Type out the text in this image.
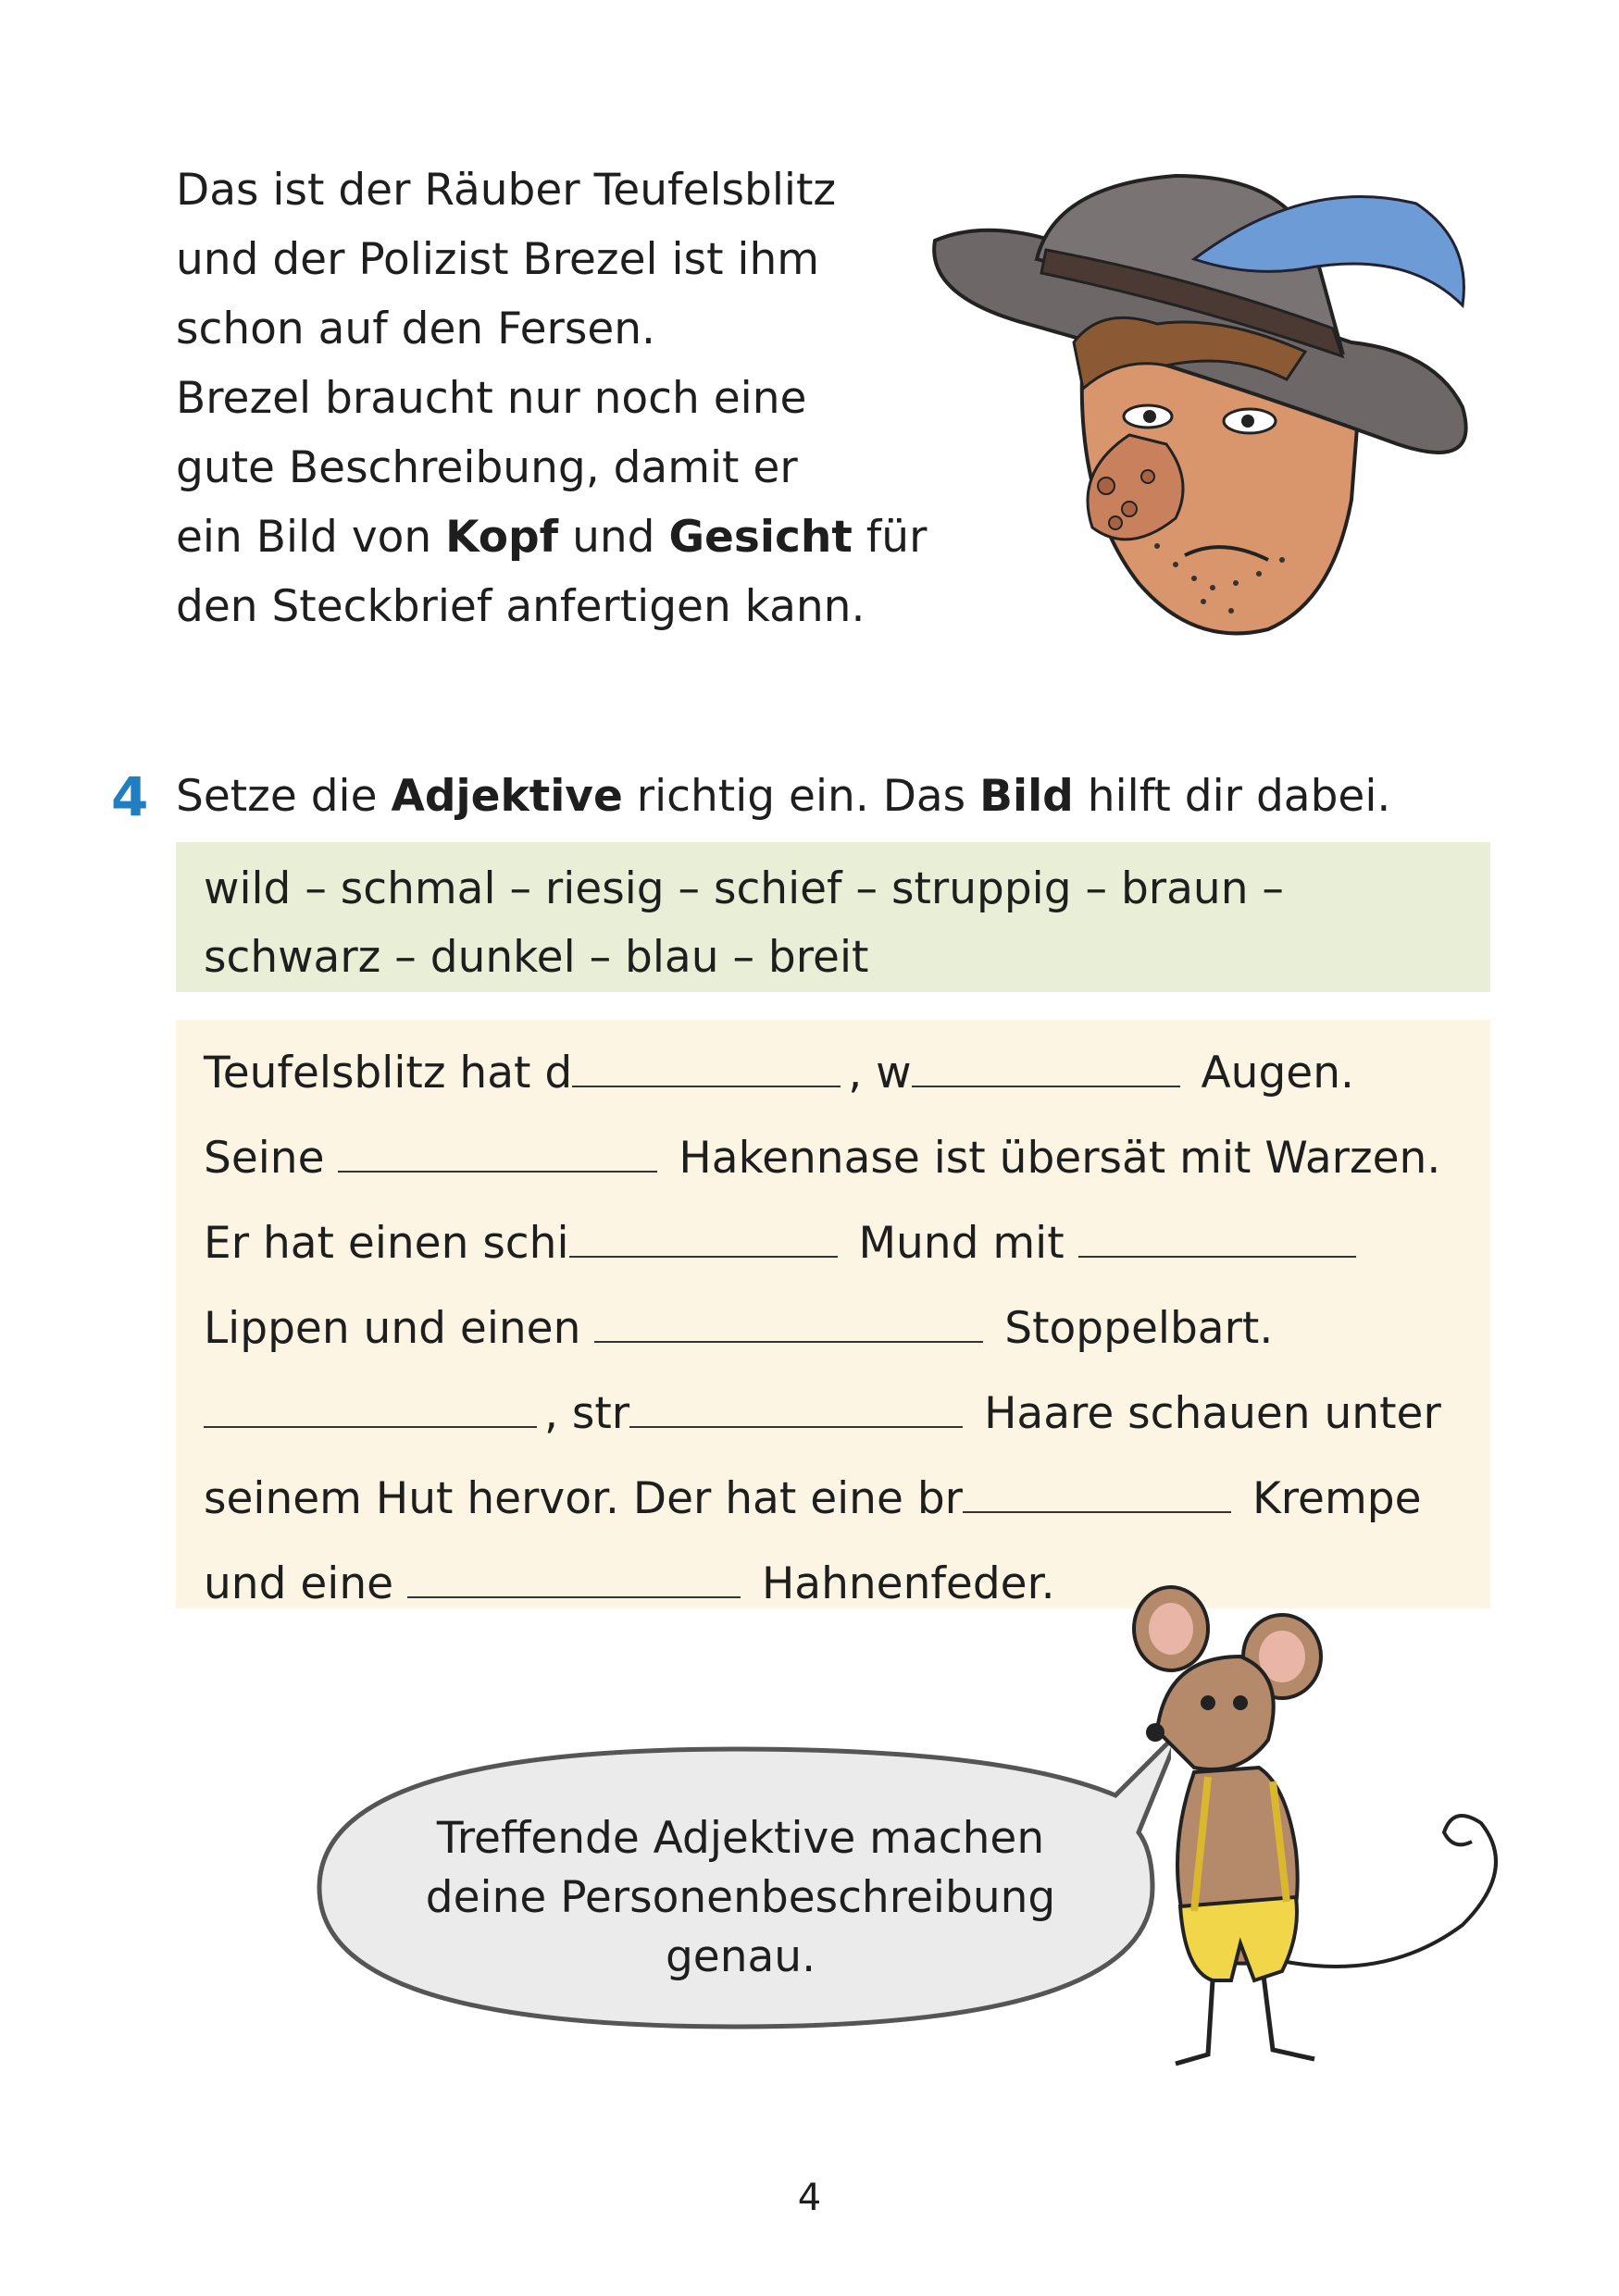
Das ist der Räuber Teufelsblitz

und der Polizist Brezel ist ihm

schon auf den Fersen.

Brezel braucht nur noch eine

gute Beschreibung, damit er

ein Bild von Kopf und Gesicht für

den Steckbrief anfertigen kann.

4 Setze die Adjektive richtig ein. Das Bild hilft dir dabei.
wild – schmal – riesig – schief – struppig – braun –
schwarz – dunkel – blau – breit
Teufelsblitz hat d	, w	Augen.
Seine	Hakennase ist übersät mit Warzen.
Er hat einen schi	Mund mit
Lippen und einen	Stoppelbart.
, str	Haare schauen unter
seinem Hut hervor. Der hat eine br	Krempe
und eine	Hahnenfeder.
Treffende Adjektive machen
deine Personenbeschreibung
genau.
4
